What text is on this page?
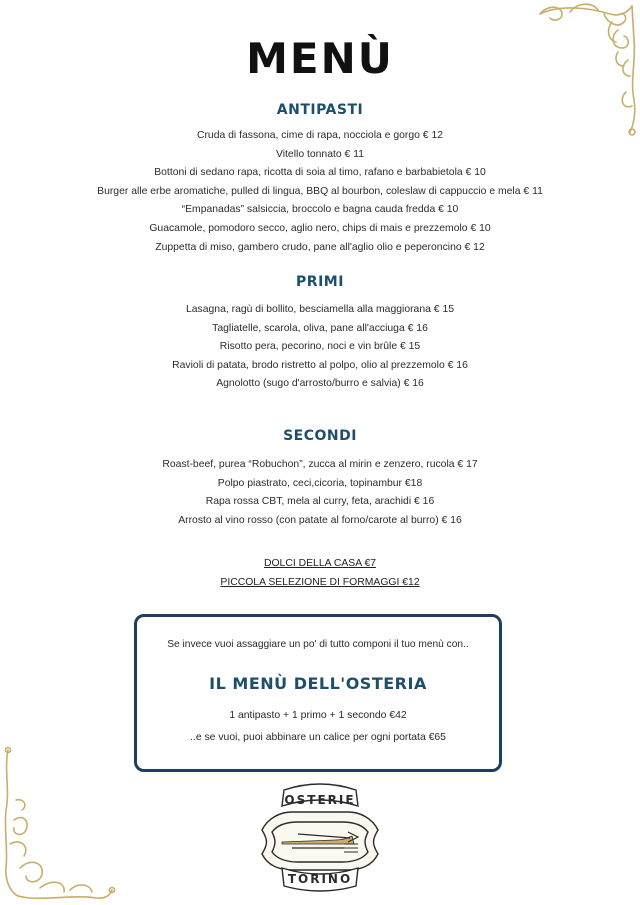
MENÙ
ANTIPASTI
Cruda di fassona, cime di rapa, nocciola e gorgo € 12
Vitello tonnato € 11
Bottoni di sedano rapa, ricotta di soia al timo, rafano e barbabietola € 10
Burger alle erbe aromatiche, pulled di lingua, BBQ al bourbon, coleslaw di cappuccio e mela € 11
“Empanadas” salsiccia, broccolo e bagna cauda fredda € 10
Guacamole, pomodoro secco, aglio nero, chips di mais e prezzemolo € 10
Zuppetta di miso, gambero crudo, pane all'aglio olio e peperoncino € 12
PRIMI
Lasagna, ragù di bollito, besciamella alla maggiorana € 15
Tagliatelle, scarola, oliva, pane all'acciuga € 16
Risotto pera, pecorino, noci e vin brûle € 15
Ravioli di patata, brodo ristretto al polpo, olio al prezzemolo € 16
Agnolotto (sugo d'arrosto/burro e salvia) € 16
SECONDI
Roast-beef, purea “Robuchon”, zucca al mirin e zenzero, rucola € 17
Polpo piastrato, ceci,cicoria, topinambur €18
Rapa rossa CBT, mela al curry, feta, arachidi € 16
Arrosto al vino rosso (con patate al forno/carote al burro) € 16
DOLCI DELLA CASA €7
PICCOLA SELEZIONE DI FORMAGGI €12
Se invece vuoi assaggiare un po' di tutto componi il tuo menù con..
IL MENÙ DELL'OSTERIA
1 antipasto + 1 primo + 1 secondo €42
..e se vuoi, puoi abbinare un calice per ogni portata €65
OSTERIE
TORINO
